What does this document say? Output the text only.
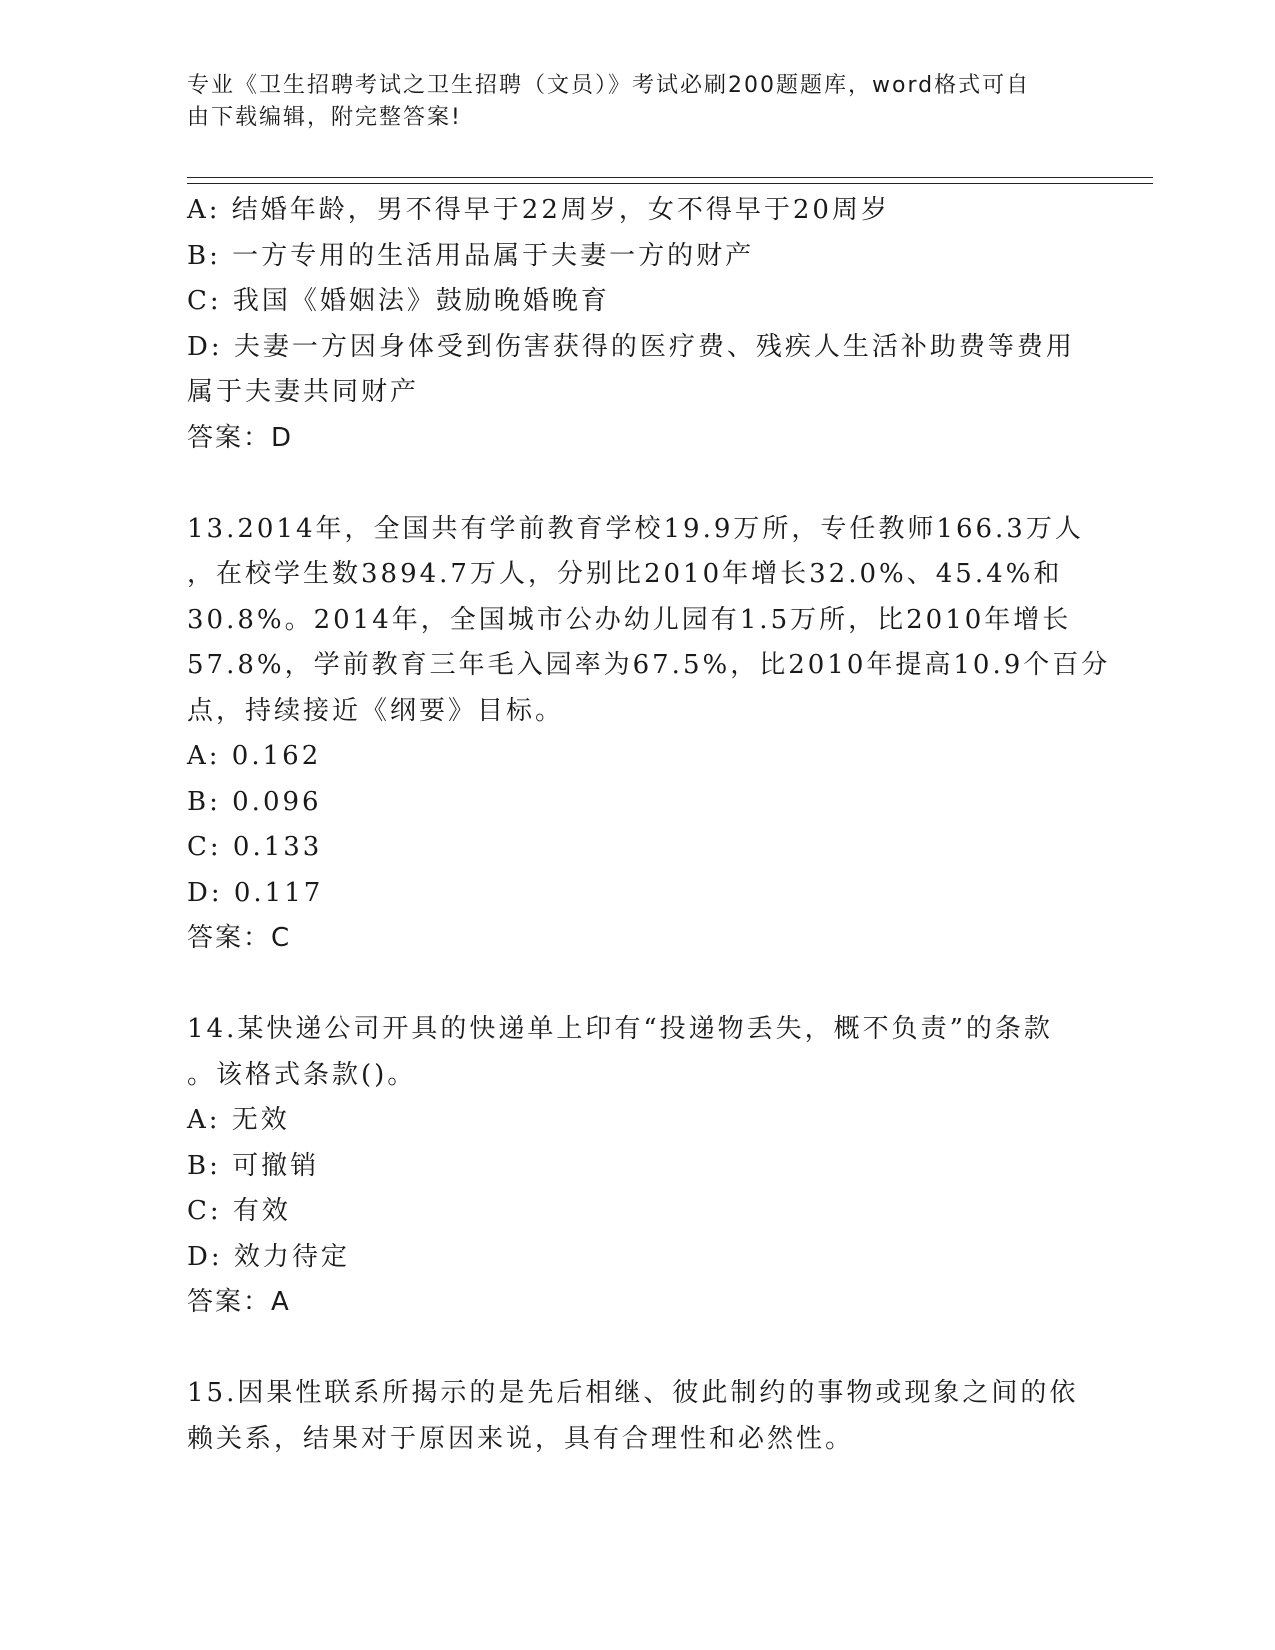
专业《卫生招聘考试之卫生招聘（文员）》考试必刷200题题库，word格式可自
由下载编辑，附完整答案!
A: 结婚年龄，男不得早于22周岁，女不得早于20周岁
B: 一方专用的生活用品属于夫妻一方的财产
C: 我国《婚姻法》鼓励晚婚晚育
D: 夫妻一方因身体受到伤害获得的医疗费、残疾人生活补助费等费用
属于夫妻共同财产
答案：D
13.2014年，全国共有学前教育学校19.9万所，专任教师166.3万人
，在校学生数3894.7万人，分别比2010年增长32.0%、45.4%和
30.8%。2014年，全国城市公办幼儿园有1.5万所，比2010年增长
57.8%，学前教育三年毛入园率为67.5%，比2010年提高10.9个百分
点，持续接近《纲要》目标。
A: 0.162
B: 0.096
C: 0.133
D: 0.117
答案：C
14.某快递公司开具的快递单上印有“投递物丢失，概不负责”的条款
。该格式条款()。
A: 无效
B: 可撤销
C: 有效
D: 效力待定
答案：A
15.因果性联系所揭示的是先后相继、彼此制约的事物或现象之间的依
赖关系，结果对于原因来说，具有合理性和必然性。
